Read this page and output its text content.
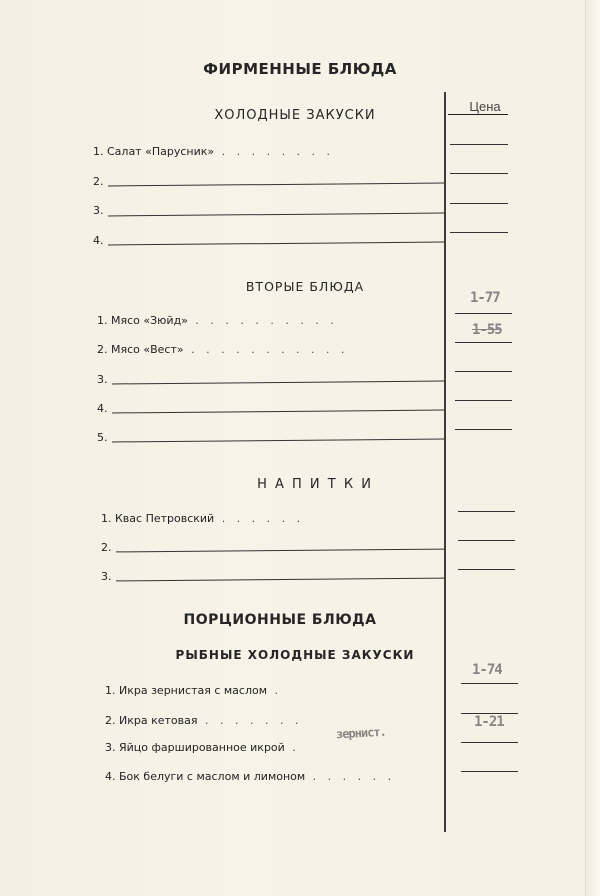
ФИРМЕННЫЕ БЛЮДА
Цена
ХОЛОДНЫЕ ЗАКУСКИ
1. Салат «Парусник» . . . . . . . .
2.
3.
4.
ВТОРЫЕ БЛЮДА
1-77
1-55
1. Мясо «Зюйд» . . . . . . . . . .
2. Мясо «Вест» . . . . . . . . . . .
3.
4.
5.
Н А П И Т К И
1. Квас Петровский . . . . . .
2.
3.
ПОРЦИОННЫЕ БЛЮДА
РЫБНЫЕ ХОЛОДНЫЕ ЗАКУСКИ
1-74
1-21
зернист.
1. Икра зернистая с маслом .
2. Икра кетовая . . . . . . .
3. Яйцо фаршированное икрой .
4. Бок белуги с маслом и лимоном . . . . . .
